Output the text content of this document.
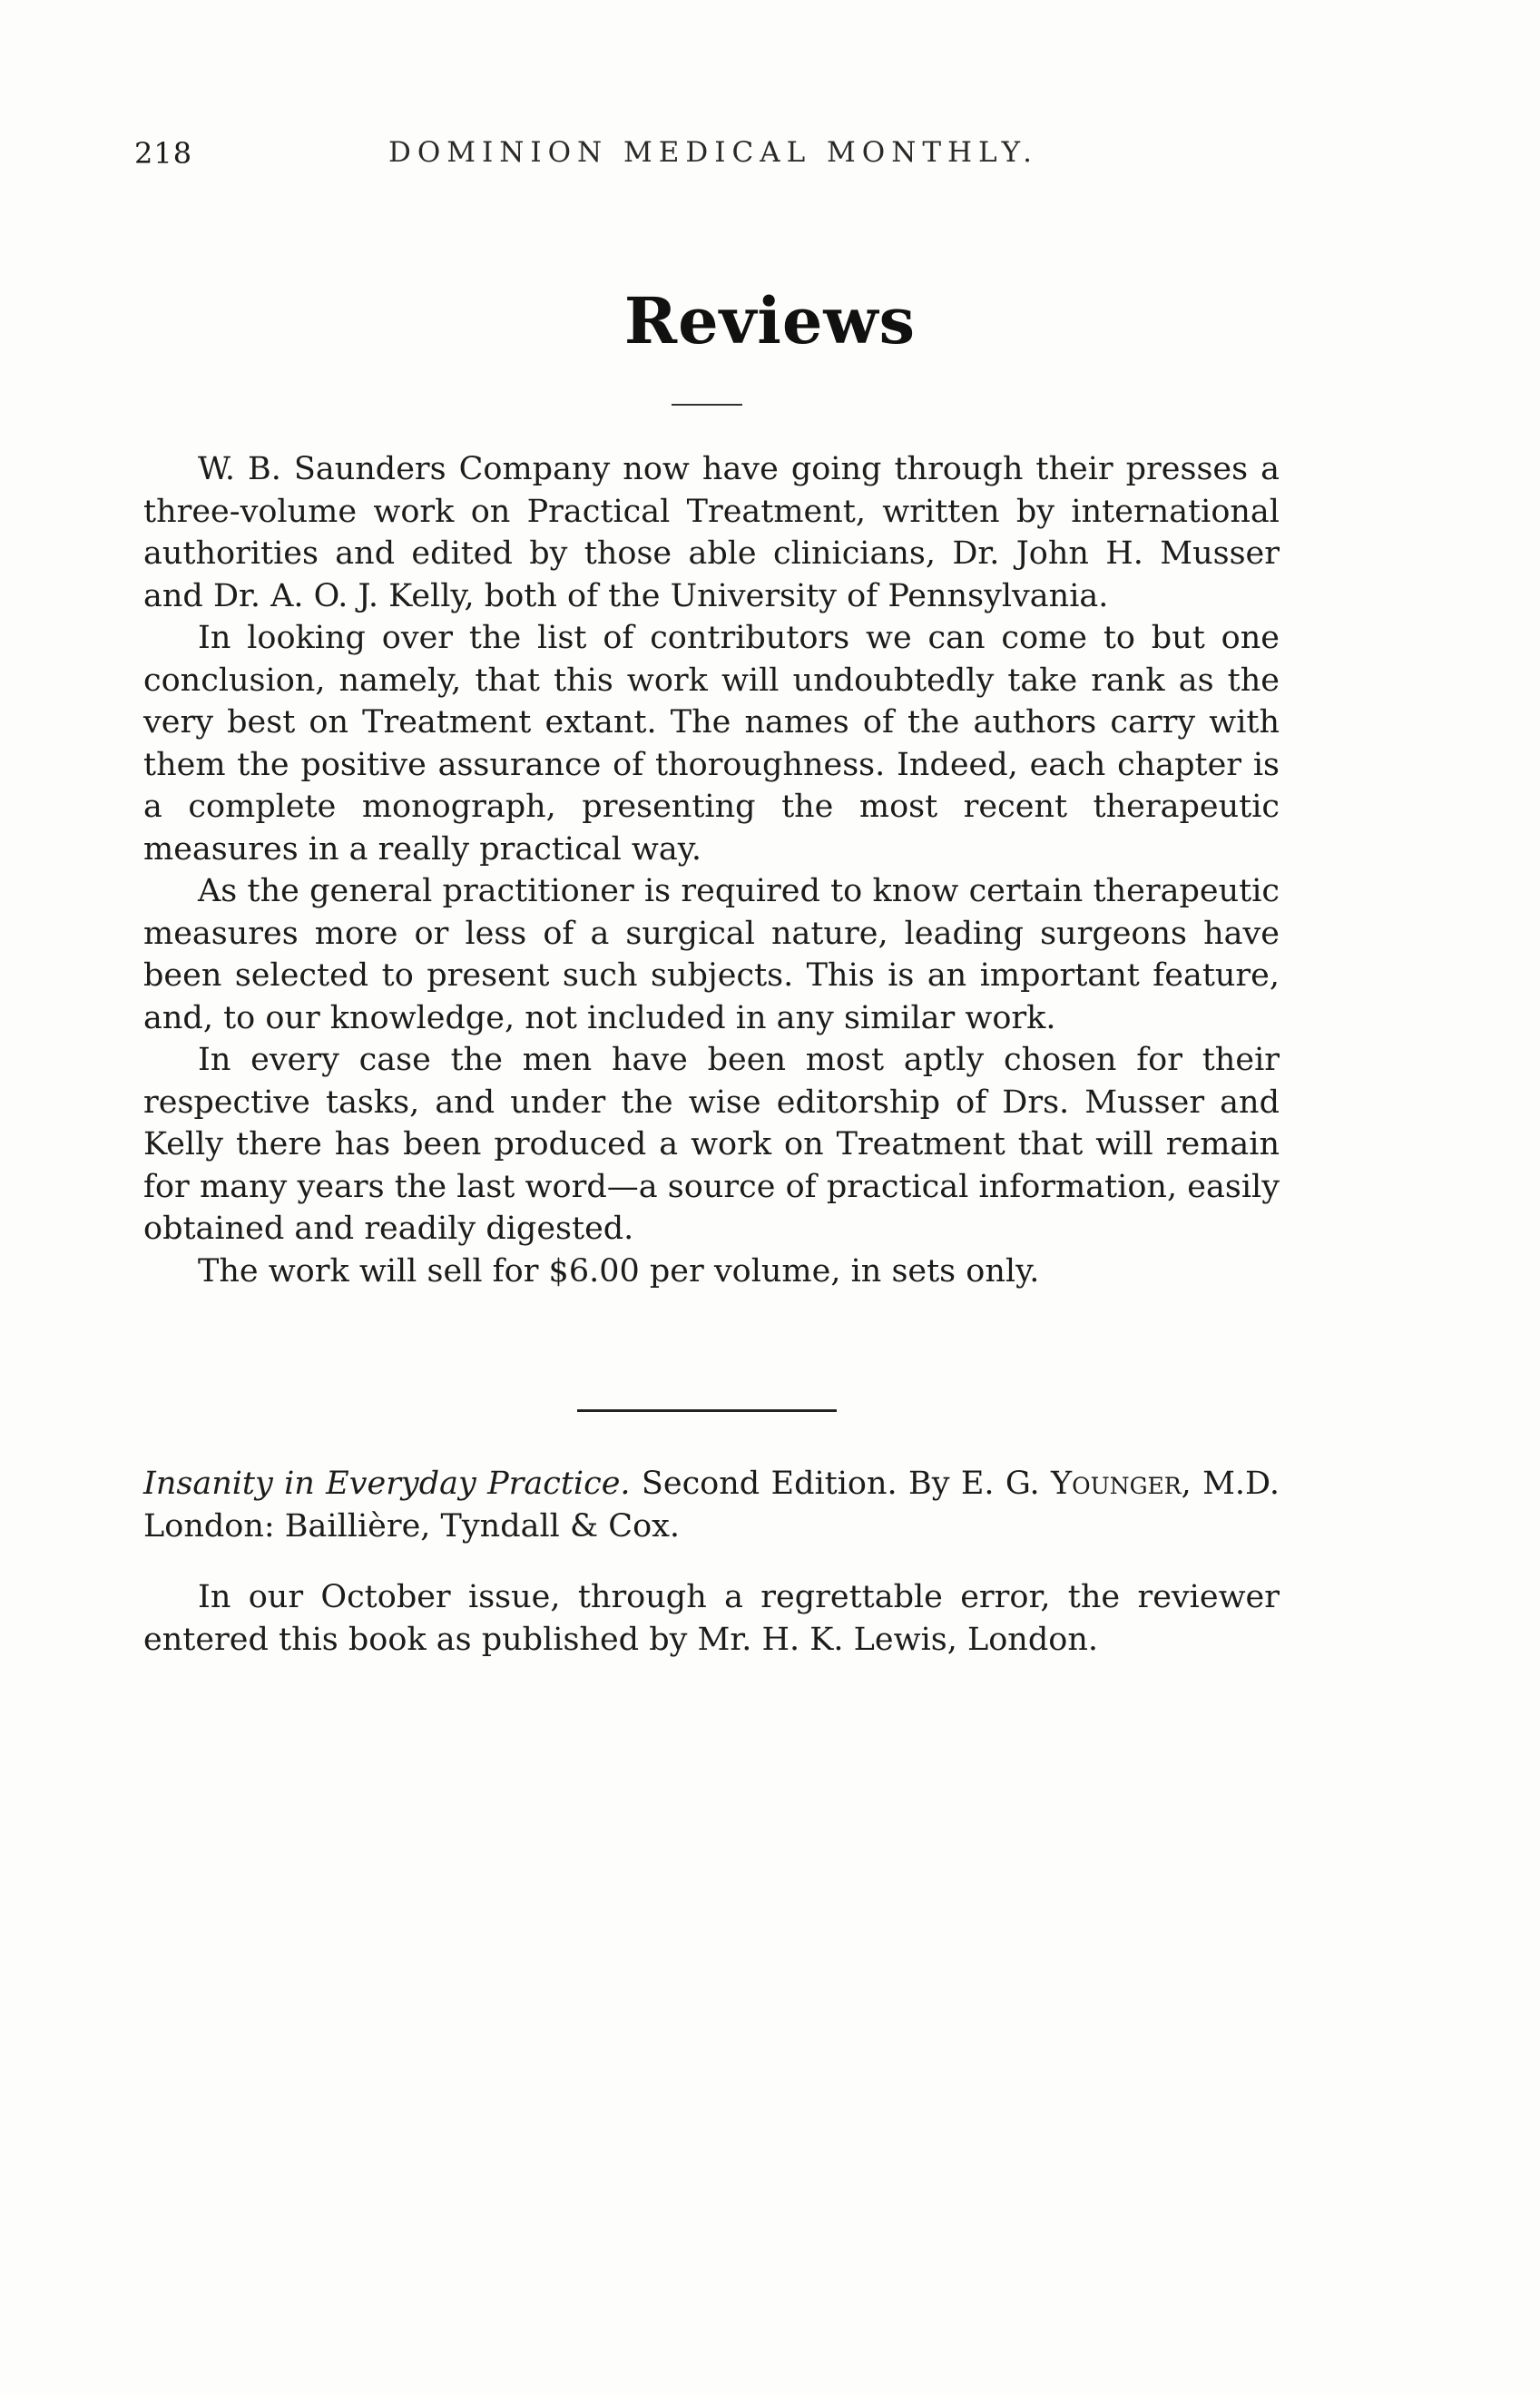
218	DOMINION MEDICAL MONTHLY.
Reviews

W. B. Saunders Company now have going through their presses a three-volume work on Practical Treatment, written by international authorities and edited by those able clinicians, Dr. John H. Musser and Dr. A. O. J. Kelly, both of the University of Pennsylvania.

In looking over the list of contributors we can come to but one conclusion, namely, that this work will undoubtedly take rank as the very best on Treatment extant. The names of the authors carry with them the positive assurance of thoroughness. Indeed, each chapter is a complete monograph, presenting the most recent therapeutic measures in a really practical way.

As the general practitioner is required to know certain therapeutic measures more or less of a surgical nature, leading surgeons have been selected to present such subjects. This is an important feature, and, to our knowledge, not included in any similar work.

In every case the men have been most aptly chosen for their respective tasks, and under the wise editorship of Drs. Musser and Kelly there has been produced a work on Treatment that will remain for many years the last word—a source of practical information, easily obtained and readily digested.

The work will sell for $6.00 per volume, in sets only.

Insanity in Everyday Practice. Second Edition. By E. G. Younger, M.D. London: Baillière, Tyndall & Cox.

In our October issue, through a regrettable error, the reviewer entered this book as published by Mr. H. K. Lewis, London.
